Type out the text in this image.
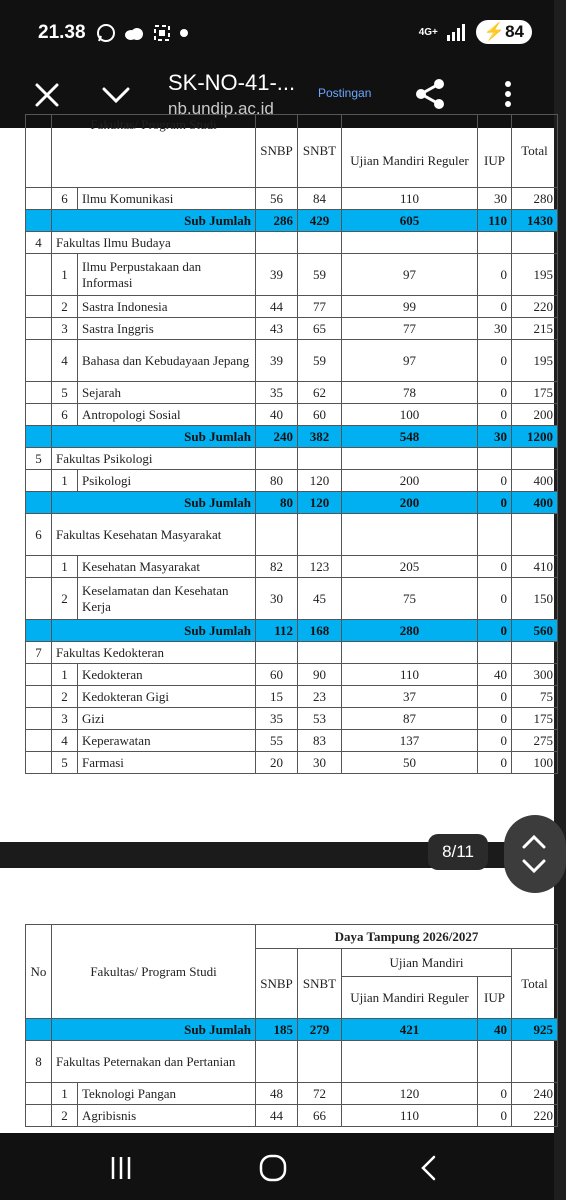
21.38	4G+	⚡84
SK-NO-41-...
nb.undip.ac.id
Postingan
	Fakultas/ Program Studi		SNBP	SNBT	Ujian Mandiri Reguler	IUP	Total
	6	Ilmu Komunikasi	56	84	110	30	280
	Sub Jumlah		286	429	605	110	1430
4	Fakultas Ilmu Budaya						
	1	Ilmu Perpustakaan dan Informasi	39	59	97	0	195
	2	Sastra Indonesia	44	77	99	0	220
	3	Sastra Inggris	43	65	77	30	215
	4	Bahasa dan Kebudayaan Jepang	39	59	97	0	195
	5	Sejarah	35	62	78	0	175
	6	Antropologi Sosial	40	60	100	0	200
	Sub Jumlah		240	382	548	30	1200
5	Fakultas Psikologi						
	1	Psikologi	80	120	200	0	400
	Sub Jumlah		80	120	200	0	400
6	Fakultas Kesehatan Masyarakat						
	1	Kesehatan Masyarakat	82	123	205	0	410
	2	Keselamatan dan Kesehatan Kerja	30	45	75	0	150
	Sub Jumlah		112	168	280	0	560
7	Fakultas Kedokteran						
	1	Kedokteran	60	90	110	40	300
	2	Kedokteran Gigi	15	23	37	0	75
	3	Gizi	35	53	87	0	175
	4	Keperawatan	55	83	137	0	275
	5	Farmasi	20	30	50	0	100
8/11
No	Fakultas/ Program Studi		Daya Tampung 2026/2027				
			SNBP	SNBT	Ujian Mandiri		Total
					Ujian Mandiri Reguler	IUP	
	Sub Jumlah		185	279	421	40	925
8	Fakultas Peternakan dan Pertanian						
	1	Teknologi Pangan	48	72	120	0	240
	2	Agribisnis	44	66	110	0	220
